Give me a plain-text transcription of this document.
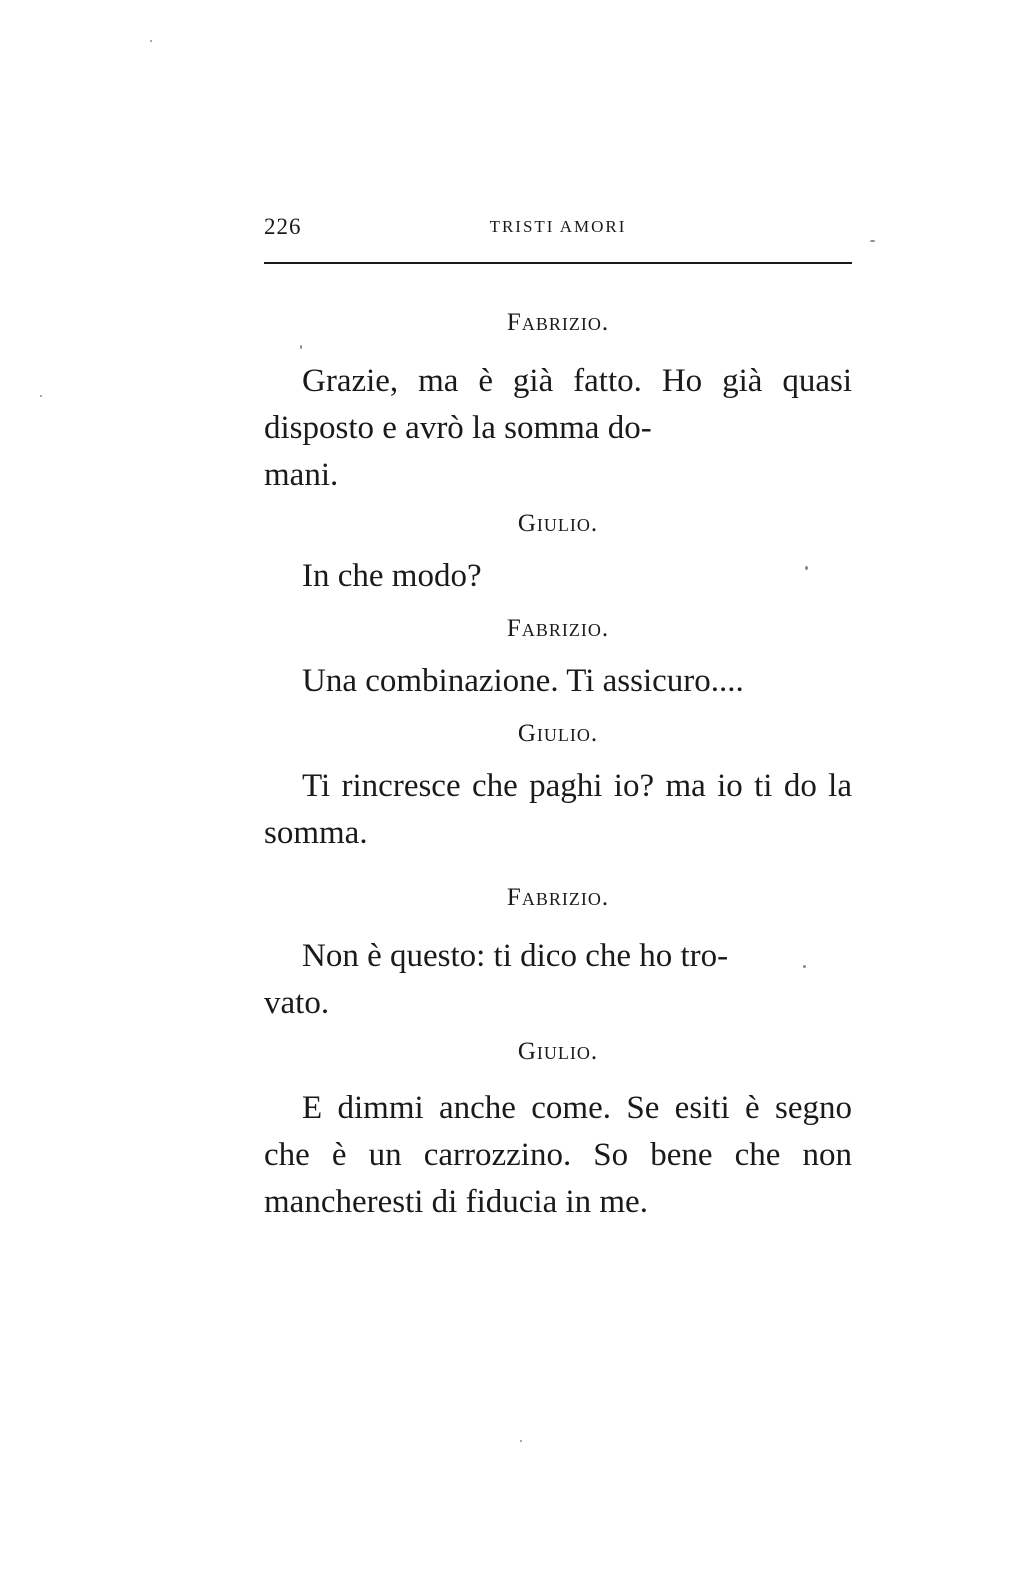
226	TRISTI AMORI

Fabrizio.

Grazie, ma è già fatto. Ho già quasi disposto e avrò la somma do-
mani.

Giulio.

In che modo?

Fabrizio.

Una combinazione. Ti assicuro....

Giulio.

Ti rincresce che paghi io? ma io ti do la somma.

Fabrizio.

Non è questo: ti dico che ho tro-
vato.

Giulio.

E dimmi anche come. Se esiti è segno che è un carrozzino. So bene che non mancheresti di fiducia in me.
